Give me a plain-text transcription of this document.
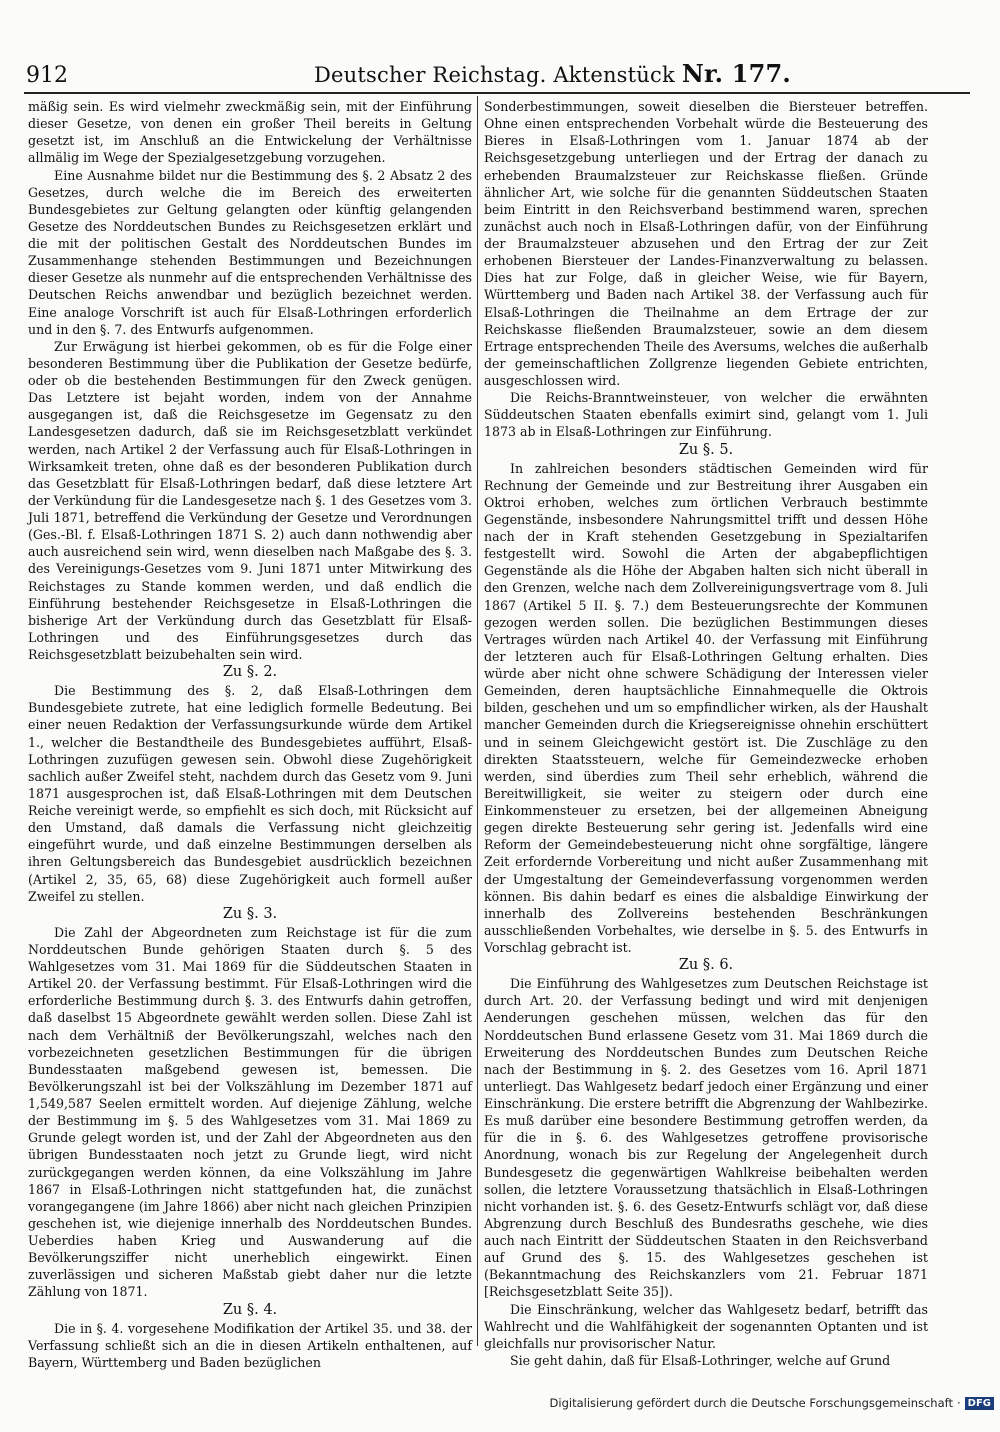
912	Deutscher Reichstag. Aktenstück Nr. 177.

mäßig sein. Es wird vielmehr zweckmäßig sein, mit der Einführung dieser Gesetze, von denen ein großer Theil bereits in Geltung gesetzt ist, im Anschluß an die Entwickelung der Verhältnisse allmälig im Wege der Spezialgesetzgebung vorzugehen.

Eine Ausnahme bildet nur die Bestimmung des §. 2 Absatz 2 des Gesetzes, durch welche die im Bereich des erweiterten Bundesgebietes zur Geltung gelangten oder künftig gelangenden Gesetze des Norddeutschen Bundes zu Reichsgesetzen erklärt und die mit der politischen Gestalt des Norddeutschen Bundes im Zusammenhange stehenden Bestimmungen und Bezeichnungen dieser Gesetze als nunmehr auf die entsprechenden Verhältnisse des Deutschen Reichs anwendbar und bezüglich bezeichnet werden. Eine analoge Vorschrift ist auch für Elsaß-Lothringen erforderlich und in den §. 7. des Entwurfs aufgenommen.

Zur Erwägung ist hierbei gekommen, ob es für die Folge einer besonderen Bestimmung über die Publikation der Gesetze bedürfe, oder ob die bestehenden Bestimmungen für den Zweck genügen. Das Letztere ist bejaht worden, indem von der Annahme ausgegangen ist, daß die Reichsgesetze im Gegensatz zu den Landesgesetzen dadurch, daß sie im Reichsgesetzblatt verkündet werden, nach Artikel 2 der Verfassung auch für Elsaß-Lothringen in Wirksamkeit treten, ohne daß es der besonderen Publikation durch das Gesetzblatt für Elsaß-Lothringen bedarf, daß diese letztere Art der Verkündung für die Landesgesetze nach §. 1 des Gesetzes vom 3. Juli 1871, betreffend die Verkündung der Gesetze und Verordnungen (Ges.-Bl. f. Elsaß-Lothringen 1871 S. 2) auch dann nothwendig aber auch ausreichend sein wird, wenn dieselben nach Maßgabe des §. 3. des Vereinigungs-Gesetzes vom 9. Juni 1871 unter Mitwirkung des Reichstages zu Stande kommen werden, und daß endlich die Einführung bestehender Reichsgesetze in Elsaß-Lothringen die bisherige Art der Verkündung durch das Gesetzblatt für Elsaß-Lothringen und des Einführungsgesetzes durch das Reichsgesetzblatt beizubehalten sein wird.

Zu §. 2.

Die Bestimmung des §. 2, daß Elsaß-Lothringen dem Bundesgebiete zutrete, hat eine lediglich formelle Bedeutung. Bei einer neuen Redaktion der Verfassungsurkunde würde dem Artikel 1., welcher die Bestandtheile des Bundesgebietes aufführt, Elsaß-Lothringen zuzufügen gewesen sein. Obwohl diese Zugehörigkeit sachlich außer Zweifel steht, nachdem durch das Gesetz vom 9. Juni 1871 ausgesprochen ist, daß Elsaß-Lothringen mit dem Deutschen Reiche vereinigt werde, so empfiehlt es sich doch, mit Rücksicht auf den Umstand, daß damals die Verfassung nicht gleichzeitig eingeführt wurde, und daß einzelne Bestimmungen derselben als ihren Geltungsbereich das Bundesgebiet ausdrücklich bezeichnen (Artikel 2, 35, 65, 68) diese Zugehörigkeit auch formell außer Zweifel zu stellen.

Zu §. 3.

Die Zahl der Abgeordneten zum Reichstage ist für die zum Norddeutschen Bunde gehörigen Staaten durch §. 5 des Wahlgesetzes vom 31. Mai 1869 für die Süddeutschen Staaten in Artikel 20. der Verfassung bestimmt. Für Elsaß-Lothringen wird die erforderliche Bestimmung durch §. 3. des Entwurfs dahin getroffen, daß daselbst 15 Abgeordnete gewählt werden sollen. Diese Zahl ist nach dem Verhältniß der Bevölkerungszahl, welches nach den vorbezeichneten gesetzlichen Bestimmungen für die übrigen Bundesstaaten maßgebend gewesen ist, bemessen. Die Bevölkerungszahl ist bei der Volkszählung im Dezember 1871 auf 1,549,587 Seelen ermittelt worden. Auf diejenige Zählung, welche der Bestimmung im §. 5 des Wahlgesetzes vom 31. Mai 1869 zu Grunde gelegt worden ist, und der Zahl der Abgeordneten aus den übrigen Bundesstaaten noch jetzt zu Grunde liegt, wird nicht zurückgegangen werden können, da eine Volkszählung im Jahre 1867 in Elsaß-Lothringen nicht stattgefunden hat, die zunächst vorangegangene (im Jahre 1866) aber nicht nach gleichen Prinzipien geschehen ist, wie diejenige innerhalb des Norddeutschen Bundes. Ueberdies haben Krieg und Auswanderung auf die Bevölkerungsziffer nicht unerheblich eingewirkt. Einen zuverlässigen und sicheren Maßstab giebt daher nur die letzte Zählung von 1871.

Zu §. 4.

Die in §. 4. vorgesehene Modifikation der Artikel 35. und 38. der Verfassung schließt sich an die in diesen Artikeln enthaltenen, auf Bayern, Württemberg und Baden bezüglichen

Sonderbestimmungen, soweit dieselben die Biersteuer betreffen. Ohne einen entsprechenden Vorbehalt würde die Besteuerung des Bieres in Elsaß-Lothringen vom 1. Januar 1874 ab der Reichsgesetzgebung unterliegen und der Ertrag der danach zu erhebenden Braumalzsteuer zur Reichskasse fließen. Gründe ähnlicher Art, wie solche für die genannten Süddeutschen Staaten beim Eintritt in den Reichsverband bestimmend waren, sprechen zunächst auch noch in Elsaß-Lothringen dafür, von der Einführung der Braumalzsteuer abzusehen und den Ertrag der zur Zeit erhobenen Biersteuer der Landes-Finanzverwaltung zu belassen. Dies hat zur Folge, daß in gleicher Weise, wie für Bayern, Württemberg und Baden nach Artikel 38. der Verfassung auch für Elsaß-Lothringen die Theilnahme an dem Ertrage der zur Reichskasse fließenden Braumalzsteuer, sowie an dem diesem Ertrage entsprechenden Theile des Aversums, welches die außerhalb der gemeinschaftlichen Zollgrenze liegenden Gebiete entrichten, ausgeschlossen wird.

Die Reichs-Branntweinsteuer, von welcher die erwähnten Süddeutschen Staaten ebenfalls eximirt sind, gelangt vom 1. Juli 1873 ab in Elsaß-Lothringen zur Einführung.

Zu §. 5.

In zahlreichen besonders städtischen Gemeinden wird für Rechnung der Gemeinde und zur Bestreitung ihrer Ausgaben ein Oktroi erhoben, welches zum örtlichen Verbrauch bestimmte Gegenstände, insbesondere Nahrungsmittel trifft und dessen Höhe nach der in Kraft stehenden Gesetzgebung in Spezialtarifen festgestellt wird. Sowohl die Arten der abgabepflichtigen Gegenstände als die Höhe der Abgaben halten sich nicht überall in den Grenzen, welche nach dem Zollvereinigungsvertrage vom 8. Juli 1867 (Artikel 5 II. §. 7.) dem Besteuerungsrechte der Kommunen gezogen werden sollen. Die bezüglichen Bestimmungen dieses Vertrages würden nach Artikel 40. der Verfassung mit Einführung der letzteren auch für Elsaß-Lothringen Geltung erhalten. Dies würde aber nicht ohne schwere Schädigung der Interessen vieler Gemeinden, deren hauptsächliche Einnahmequelle die Oktrois bilden, geschehen und um so empfindlicher wirken, als der Haushalt mancher Gemeinden durch die Kriegsereignisse ohnehin erschüttert und in seinem Gleichgewicht gestört ist. Die Zuschläge zu den direkten Staatssteuern, welche für Gemeindezwecke erhoben werden, sind überdies zum Theil sehr erheblich, während die Bereitwilligkeit, sie weiter zu steigern oder durch eine Einkommensteuer zu ersetzen, bei der allgemeinen Abneigung gegen direkte Besteuerung sehr gering ist. Jedenfalls wird eine Reform der Gemeindebesteuerung nicht ohne sorgfältige, längere Zeit erfordernde Vorbereitung und nicht außer Zusammenhang mit der Umgestaltung der Gemeindeverfassung vorgenommen werden können. Bis dahin bedarf es eines die alsbaldige Einwirkung der innerhalb des Zollvereins bestehenden Beschränkungen ausschließenden Vorbehaltes, wie derselbe in §. 5. des Entwurfs in Vorschlag gebracht ist.

Zu §. 6.

Die Einführung des Wahlgesetzes zum Deutschen Reichstage ist durch Art. 20. der Verfassung bedingt und wird mit denjenigen Aenderungen geschehen müssen, welchen das für den Norddeutschen Bund erlassene Gesetz vom 31. Mai 1869 durch die Erweiterung des Norddeutschen Bundes zum Deutschen Reiche nach der Bestimmung in §. 2. des Gesetzes vom 16. April 1871 unterliegt. Das Wahlgesetz bedarf jedoch einer Ergänzung und einer Einschränkung. Die erstere betrifft die Abgrenzung der Wahlbezirke. Es muß darüber eine besondere Bestimmung getroffen werden, da für die in §. 6. des Wahlgesetzes getroffene provisorische Anordnung, wonach bis zur Regelung der Angelegenheit durch Bundesgesetz die gegenwärtigen Wahlkreise beibehalten werden sollen, die letztere Voraussetzung thatsächlich in Elsaß-Lothringen nicht vorhanden ist. §. 6. des Gesetz-Entwurfs schlägt vor, daß diese Abgrenzung durch Beschluß des Bundesraths geschehe, wie dies auch nach Eintritt der Süddeutschen Staaten in den Reichsverband auf Grund des §. 15. des Wahlgesetzes geschehen ist (Bekanntmachung des Reichskanzlers vom 21. Februar 1871 [Reichsgesetzblatt Seite 35]).

Die Einschränkung, welcher das Wahlgesetz bedarf, betrifft das Wahlrecht und die Wahlfähigkeit der sogenannten Optanten und ist gleichfalls nur provisorischer Natur.

Sie geht dahin, daß für Elsaß-Lothringer, welche auf Grund

Digitalisierung gefördert durch die Deutsche Forschungsgemeinschaft · DFG
